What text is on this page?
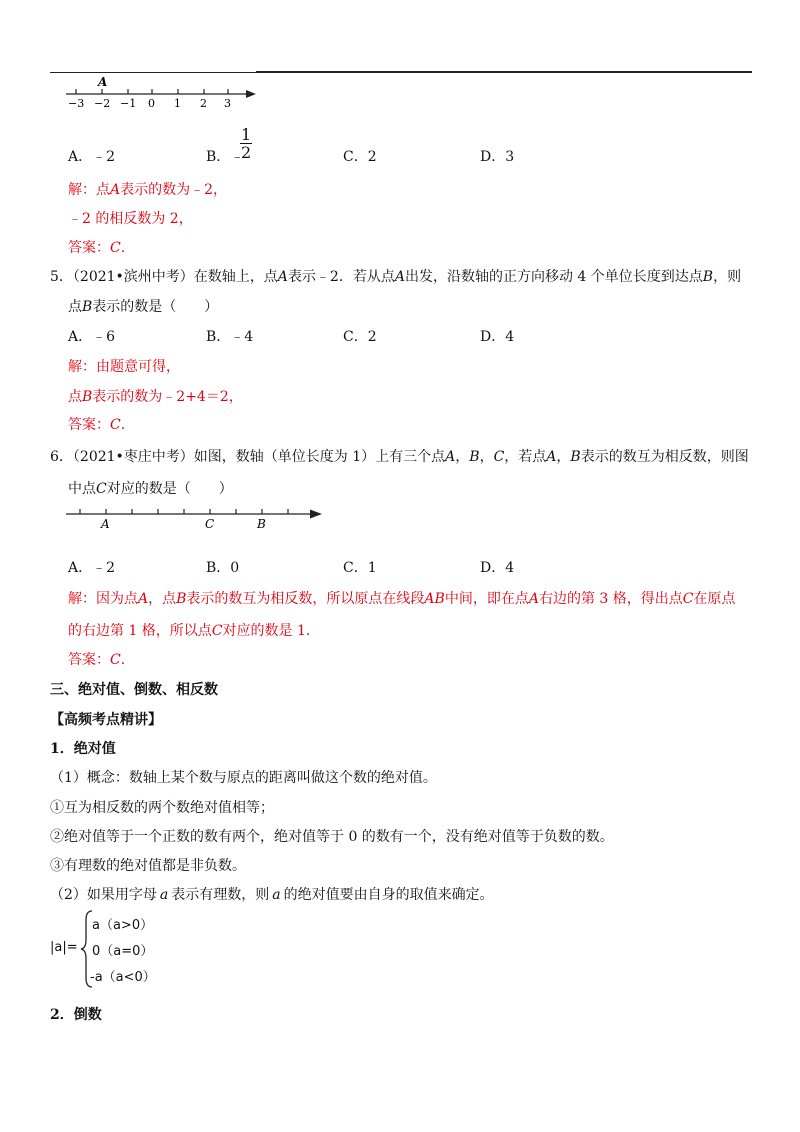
A
−3 −2 −1 0 1 2 3
A．﹣2	B．﹣
$\frac{1}{2}$	C．2	D．3
解：点A表示的数为﹣2，
﹣2 的相反数为 2，
答案：C.
5．（2021•滨州中考）在数轴上，点A表示﹣2．若从点A出发，沿数轴的正方向移动 4 个单位长度到达点B，则
点B表示的数是（　　）
A．﹣6	B．﹣4	C．2	D．4
解：由题意可得，
点B表示的数为﹣2+4＝2，
答案：C.
6．（2021•枣庄中考）如图，数轴（单位长度为 1）上有三个点A，B，C，若点A，B表示的数互为相反数，则图
中点C对应的数是（　　）
A	C	B
A．﹣2	B．0	C．1	D．4
解：因为点A，点B表示的数互为相反数，所以原点在线段AB中间，即在点A右边的第 3 格，得出点C在原点
的右边第 1 格，所以点C对应的数是 1.
答案：C.
三、绝对值、倒数、相反数
【高频考点精讲】
1．绝对值
（1）概念：数轴上某个数与原点的距离叫做这个数的绝对值。
①互为相反数的两个数绝对值相等；
②绝对值等于一个正数的数有两个，绝对值等于 0 的数有一个，没有绝对值等于负数的数。
③有理数的绝对值都是非负数。
（2）如果用字母 a 表示有理数，则 a 的绝对值要由自身的取值来确定。
|a|=
a（a>0）
0（a=0）
-a（a<0）
2．倒数
